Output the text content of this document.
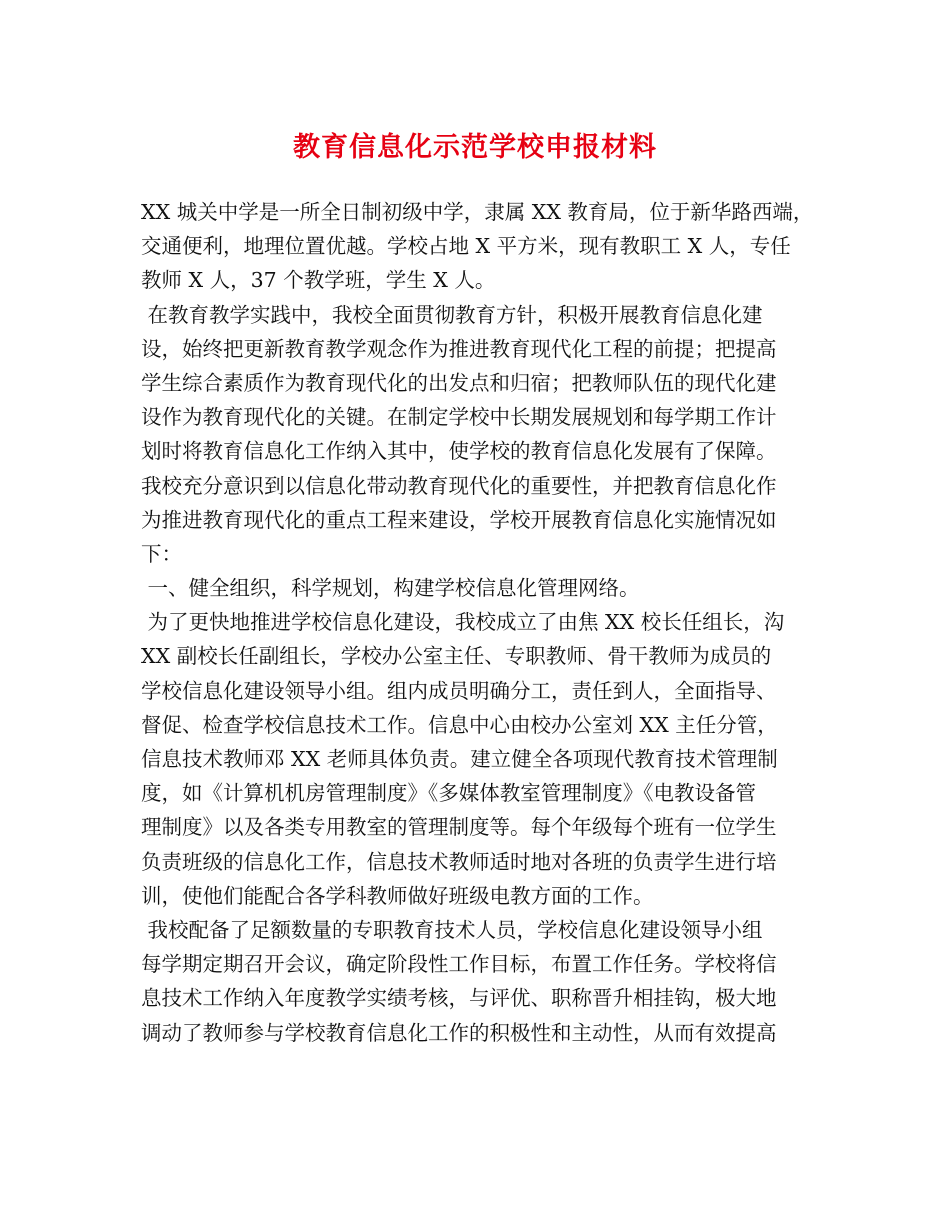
教育信息化示范学校申报材料
XX 城关中学是一所全日制初级中学，隶属 XX 教育局，位于新华路西端，
交通便利，地理位置优越。学校占地 X 平方米，现有教职工 X 人，专任
教师 X 人，37 个教学班，学生 X 人。
在教育教学实践中，我校全面贯彻教育方针，积极开展教育信息化建
设，始终把更新教育教学观念作为推进教育现代化工程的前提；把提高
学生综合素质作为教育现代化的出发点和归宿；把教师队伍的现代化建
设作为教育现代化的关键。在制定学校中长期发展规划和每学期工作计
划时将教育信息化工作纳入其中，使学校的教育信息化发展有了保障。
我校充分意识到以信息化带动教育现代化的重要性，并把教育信息化作
为推进教育现代化的重点工程来建设，学校开展教育信息化实施情况如
下：
一、健全组织，科学规划，构建学校信息化管理网络。
为了更快地推进学校信息化建设，我校成立了由焦 XX 校长任组长，沟
XX 副校长任副组长，学校办公室主任、专职教师、骨干教师为成员的
学校信息化建设领导小组。组内成员明确分工，责任到人，全面指导、
督促、检查学校信息技术工作。信息中心由校办公室刘 XX 主任分管，
信息技术教师邓 XX 老师具体负责。建立健全各项现代教育技术管理制
度，如《计算机机房管理制度》《多媒体教室管理制度》《电教设备管
理制度》以及各类专用教室的管理制度等。每个年级每个班有一位学生
负责班级的信息化工作，信息技术教师适时地对各班的负责学生进行培
训，使他们能配合各学科教师做好班级电教方面的工作。
我校配备了足额数量的专职教育技术人员，学校信息化建设领导小组
每学期定期召开会议，确定阶段性工作目标，布置工作任务。学校将信
息技术工作纳入年度教学实绩考核，与评优、职称晋升相挂钩，极大地
调动了教师参与学校教育信息化工作的积极性和主动性，从而有效提高
